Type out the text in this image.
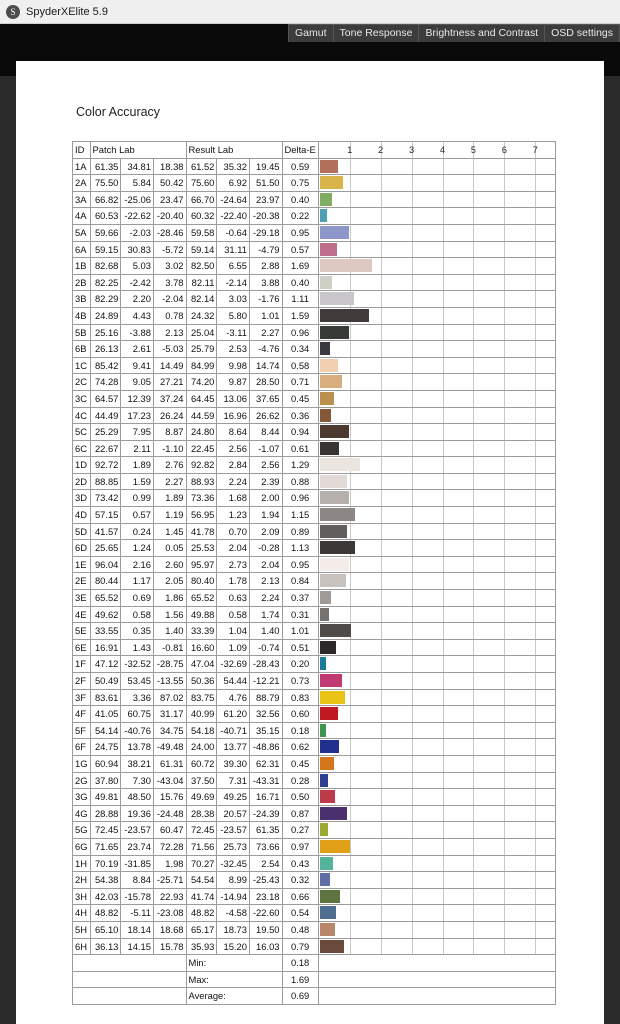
S SpyderXElite 5.9
Gamut	Tone Response	Brightness and Contrast	OSD settings
Color Accuracy
ID	Patch Lab	Result Lab	Delta-E	1	2	3	4	5	6	7

1A	61.35	34.81	18.38	61.52	35.32	19.45	0.59	

2A	75.50	5.84	50.42	75.60	6.92	51.50	0.75	

3A	66.82	-25.06	23.47	66.70	-24.64	23.97	0.40	

4A	60.53	-22.62	-20.40	60.32	-22.40	-20.38	0.22	

5A	59.66	-2.03	-28.46	59.58	-0.64	-29.18	0.95	

6A	59.15	30.83	-5.72	59.14	31.11	-4.79	0.57	

1B	82.68	5.03	3.02	82.50	6.55	2.88	1.69	

2B	82.25	-2.42	3.78	82.11	-2.14	3.88	0.40	

3B	82.29	2.20	-2.04	82.14	3.03	-1.76	1.11	

4B	24.89	4.43	0.78	24.32	5.80	1.01	1.59	

5B	25.16	-3.88	2.13	25.04	-3.11	2.27	0.96	

6B	26.13	2.61	-5.03	25.79	2.53	-4.76	0.34	

1C	85.42	9.41	14.49	84.99	9.98	14.74	0.58	

2C	74.28	9.05	27.21	74.20	9.87	28.50	0.71	

3C	64.57	12.39	37.24	64.45	13.06	37.65	0.45	

4C	44.49	17.23	26.24	44.59	16.96	26.62	0.36	

5C	25.29	7.95	8.87	24.80	8.64	8.44	0.94	

6C	22.67	2.11	-1.10	22.45	2.56	-1.07	0.61	

1D	92.72	1.89	2.76	92.82	2.84	2.56	1.29	

2D	88.85	1.59	2.27	88.93	2.24	2.39	0.88	

3D	73.42	0.99	1.89	73.36	1.68	2.00	0.96	

4D	57.15	0.57	1.19	56.95	1.23	1.94	1.15	

5D	41.57	0.24	1.45	41.78	0.70	2.09	0.89	

6D	25.65	1.24	0.05	25.53	2.04	-0.28	1.13	

1E	96.04	2.16	2.60	95.97	2.73	2.04	0.95	

2E	80.44	1.17	2.05	80.40	1.78	2.13	0.84	

3E	65.52	0.69	1.86	65.52	0.63	2.24	0.37	

4E	49.62	0.58	1.56	49.88	0.58	1.74	0.31	

5E	33.55	0.35	1.40	33.39	1.04	1.40	1.01	

6E	16.91	1.43	-0.81	16.60	1.09	-0.74	0.51	

1F	47.12	-32.52	-28.75	47.04	-32.69	-28.43	0.20	

2F	50.49	53.45	-13.55	50.36	54.44	-12.21	0.73	

3F	83.61	3.36	87.02	83.75	4.76	88.79	0.83	

4F	41.05	60.75	31.17	40.99	61.20	32.56	0.60	

5F	54.14	-40.76	34.75	54.18	-40.71	35.15	0.18	

6F	24.75	13.78	-49.48	24.00	13.77	-48.86	0.62	

1G	60.94	38.21	61.31	60.72	39.30	62.31	0.45	

2G	37.80	7.30	-43.04	37.50	7.31	-43.31	0.28	

3G	49.81	48.50	15.76	49.69	49.25	16.71	0.50	

4G	28.88	19.36	-24.48	28.38	20.57	-24.39	0.87	

5G	72.45	-23.57	60.47	72.45	-23.57	61.35	0.27	

6G	71.65	23.74	72.28	71.56	25.73	73.66	0.97	

1H	70.19	-31.85	1.98	70.27	-32.45	2.54	0.43	

2H	54.38	8.84	-25.71	54.54	8.99	-25.43	0.32	

3H	42.03	-15.78	22.93	41.74	-14.94	23.18	0.66	

4H	48.82	-5.11	-23.08	48.82	-4.58	-22.60	0.54	

5H	65.10	18.14	18.68	65.17	18.73	19.50	0.48	

6H	36.13	14.15	15.78	35.93	15.20	16.03	0.79	

				Min:			0.18	

				Max:			1.69	

				Average:			0.69	
